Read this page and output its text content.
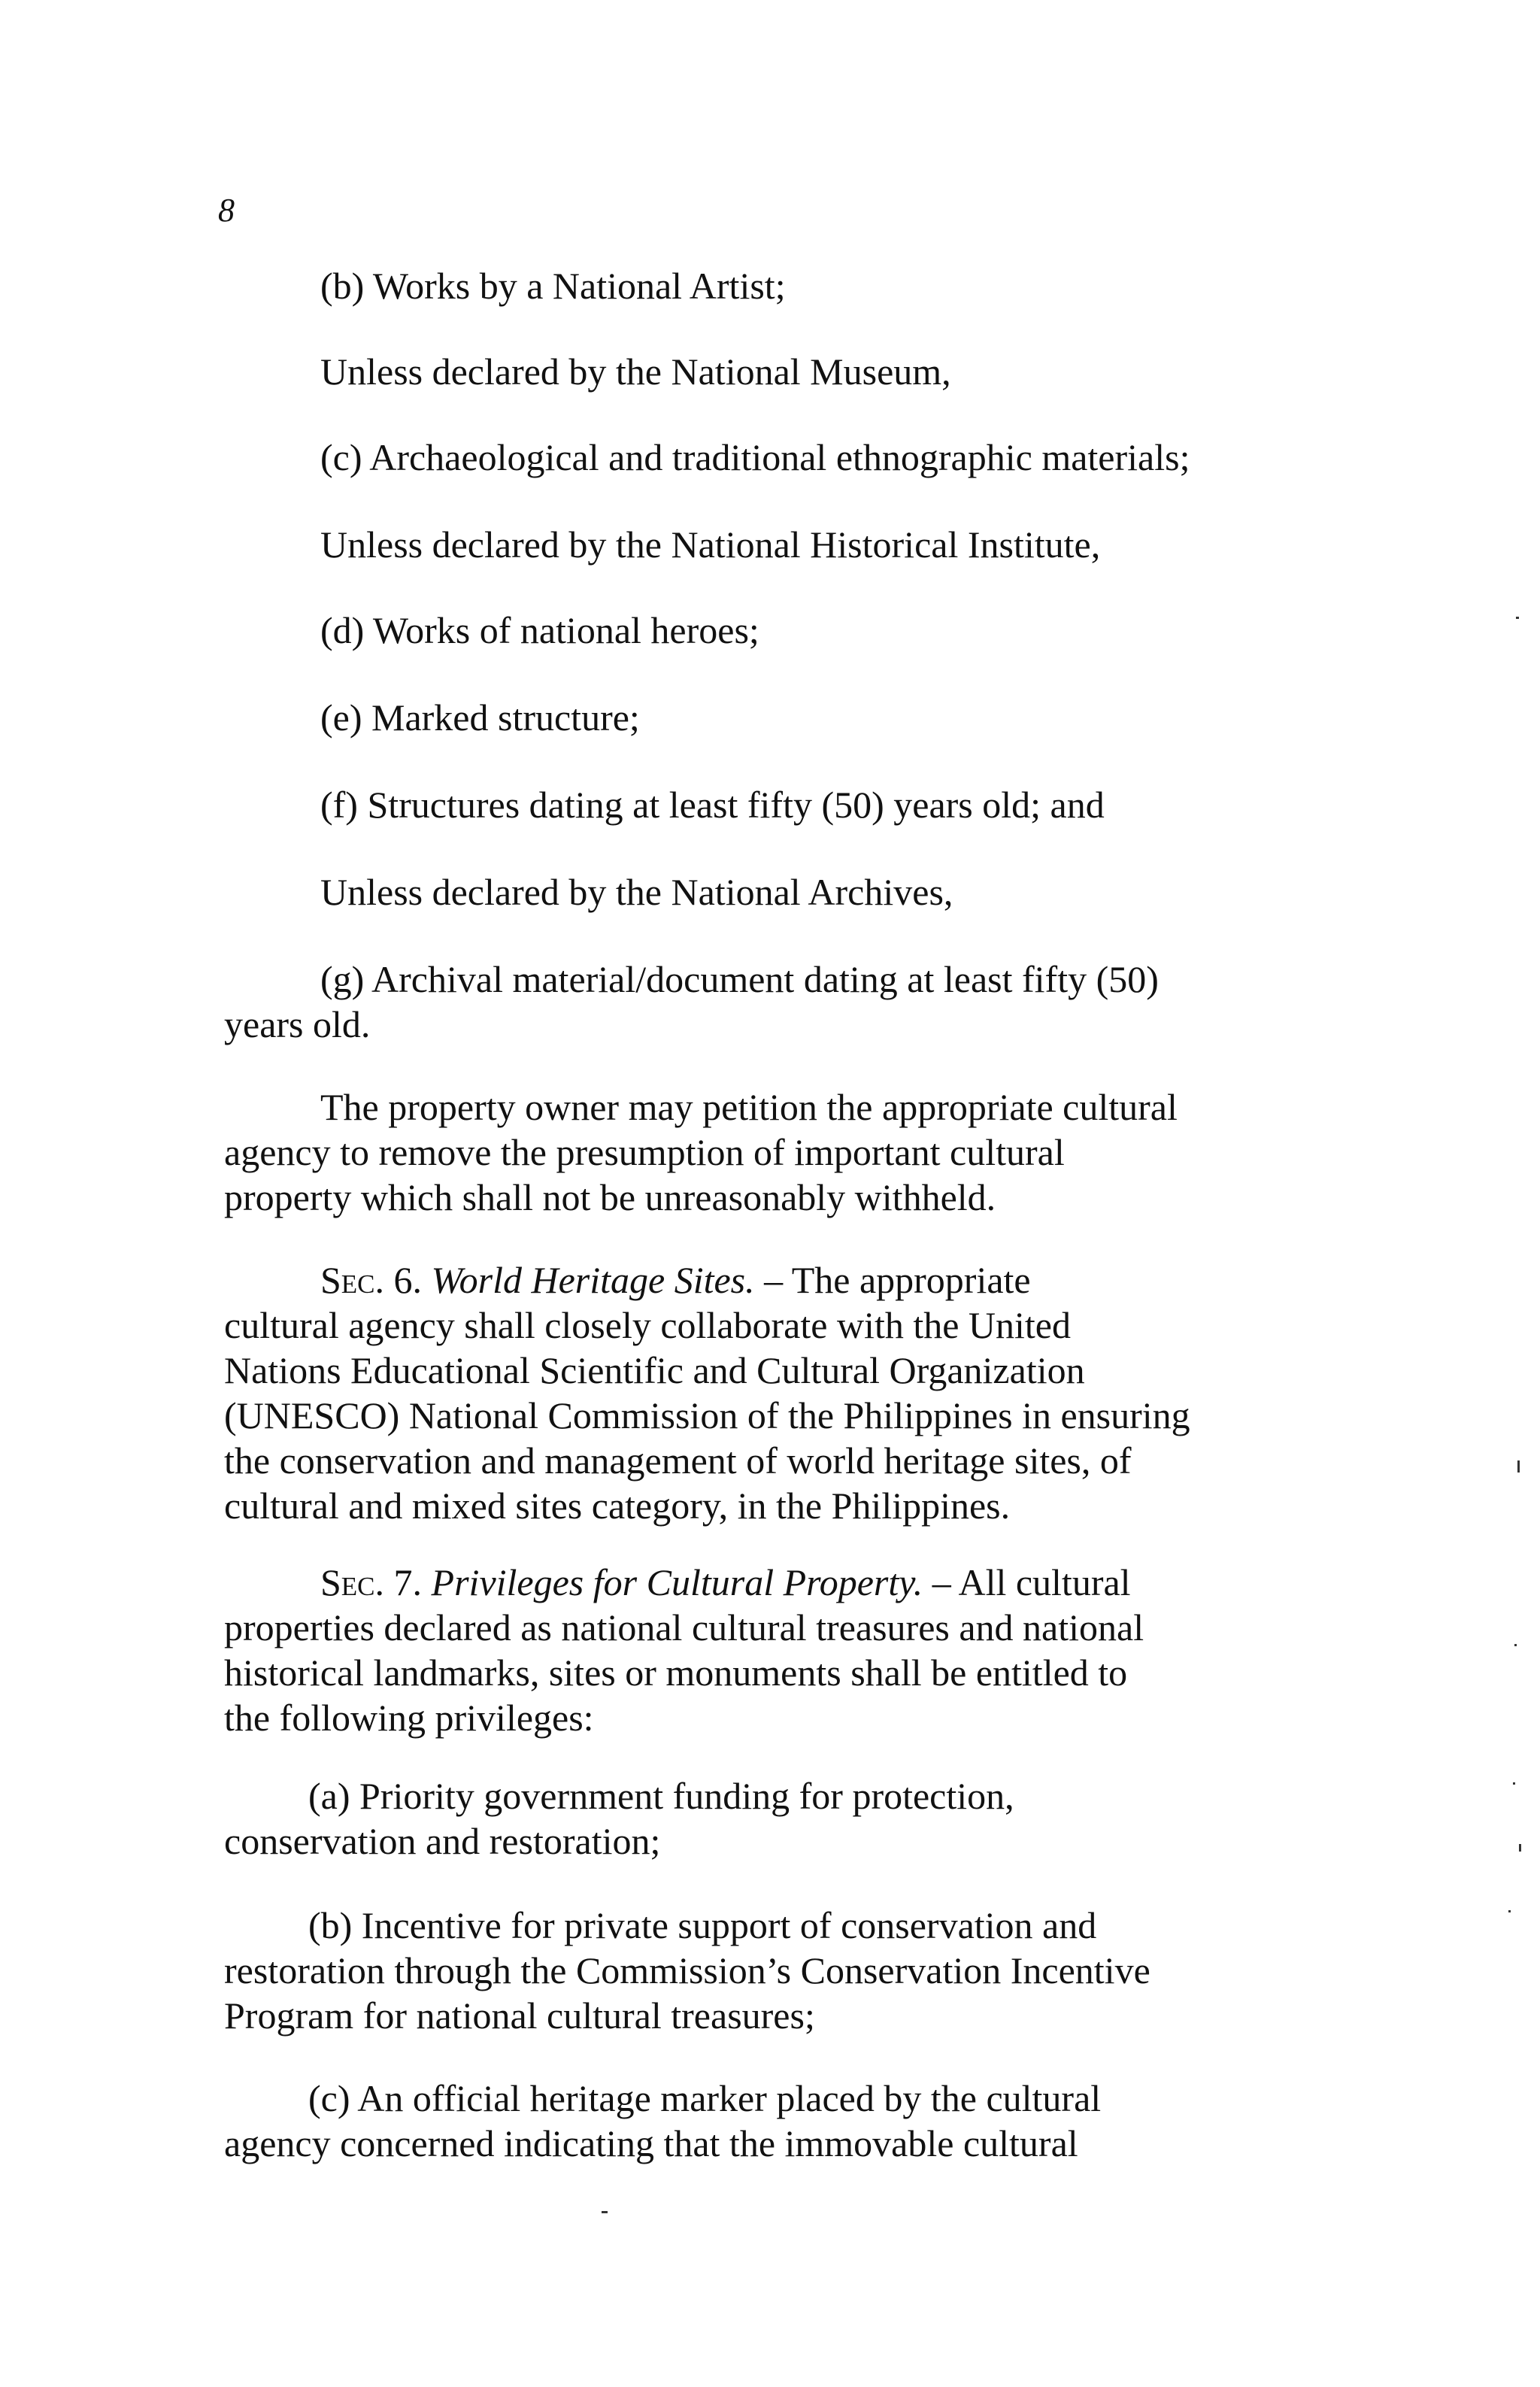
8
(b) Works by a National Artist;
Unless declared by the National Museum,
(c) Archaeological and traditional ethnographic materials;
Unless declared by the National Historical Institute,
(d) Works of national heroes;
(e) Marked structure;
(f) Structures dating at least fifty (50) years old; and
Unless declared by the National Archives,
(g) Archival material/document dating at least fifty (50)
years old.
The property owner may petition the appropriate cultural
agency to remove the presumption of important cultural
property which shall not be unreasonably withheld.
Sec. 6. World Heritage Sites. – The appropriate
cultural agency shall closely collaborate with the United
Nations Educational Scientific and Cultural Organization
(UNESCO) National Commission of the Philippines in ensuring
the conservation and management of world heritage sites, of
cultural and mixed sites category, in the Philippines.
Sec. 7. Privileges for Cultural Property. – All cultural
properties declared as national cultural treasures and national
historical landmarks, sites or monuments shall be entitled to
the following privileges:
(a) Priority government funding for protection,
conservation and restoration;
(b) Incentive for private support of conservation and
restoration through the Commission’s Conservation Incentive
Program for national cultural treasures;
(c) An official heritage marker placed by the cultural
agency concerned indicating that the immovable cultural
